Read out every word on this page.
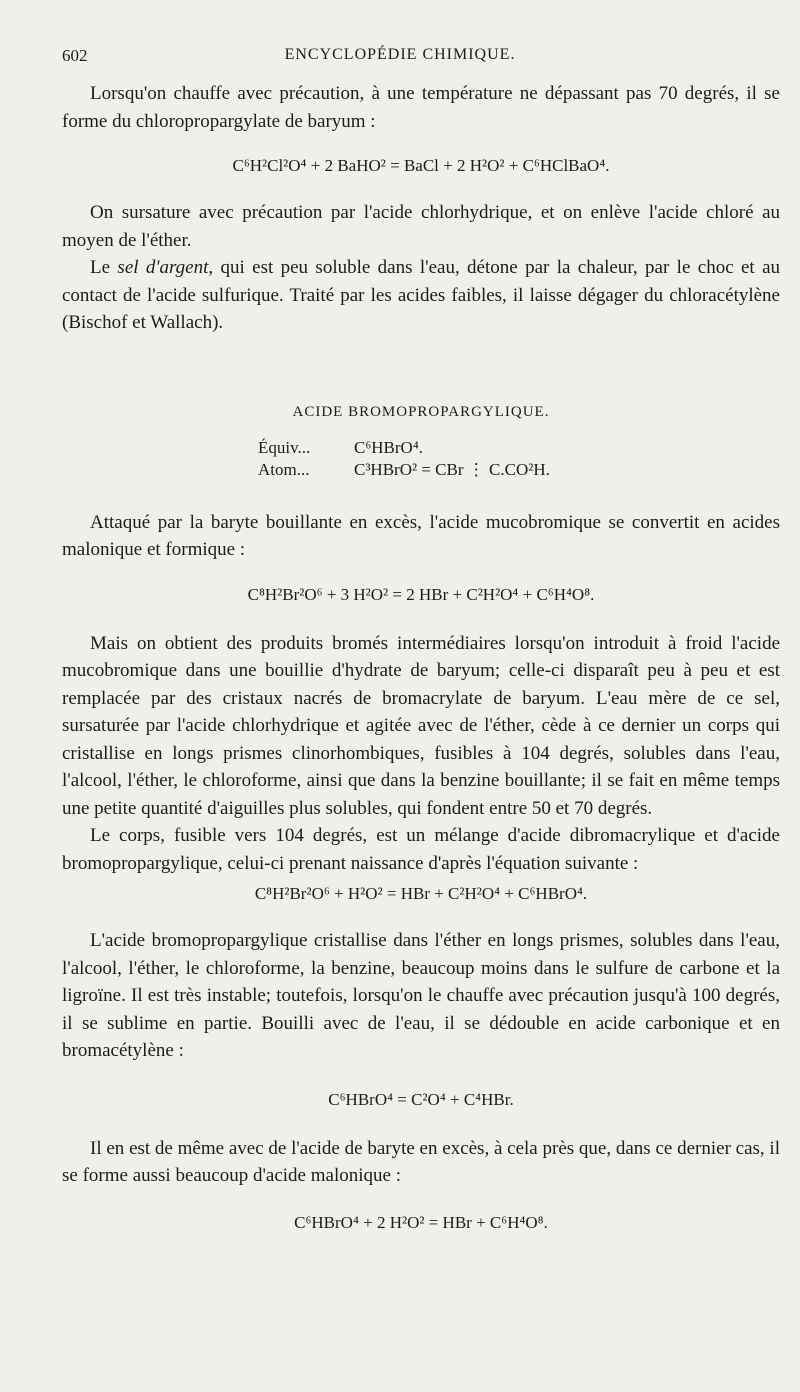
602	ENCYCLOPÉDIE CHIMIQUE.

Lorsqu'on chauffe avec précaution, à une température ne dépassant pas 70 degrés, il se forme du chloropropargylate de baryum :

C⁶H²Cl²O⁴ + 2 BaHO² = BaCl + 2 H²O² + C⁶HClBaO⁴.

On sursature avec précaution par l'acide chlorhydrique, et on enlève l'acide chloré au moyen de l'éther.

Le sel d'argent, qui est peu soluble dans l'eau, détone par la chaleur, par le choc et au contact de l'acide sulfurique. Traité par les acides faibles, il laisse dégager du chloracétylène (Bischof et Wallach).

ACIDE BROMOPROPARGYLIQUE.
Équiv...	C⁶HBrO⁴.
Atom...	C³HBrO² = CBr ⋮ C.CO²H.

Attaqué par la baryte bouillante en excès, l'acide mucobromique se convertit en acides malonique et formique :

C⁸H²Br²O⁶ + 3 H²O² = 2 HBr + C²H²O⁴ + C⁶H⁴O⁸.

Mais on obtient des produits bromés intermédiaires lorsqu'on introduit à froid l'acide mucobromique dans une bouillie d'hydrate de baryum; celle-ci disparaît peu à peu et est remplacée par des cristaux nacrés de bromacrylate de baryum. L'eau mère de ce sel, sursaturée par l'acide chlorhydrique et agitée avec de l'éther, cède à ce dernier un corps qui cristallise en longs prismes clinorhombiques, fusibles à 104 degrés, solubles dans l'eau, l'alcool, l'éther, le chloroforme, ainsi que dans la benzine bouillante; il se fait en même temps une petite quantité d'aiguilles plus solubles, qui fondent entre 50 et 70 degrés.

Le corps, fusible vers 104 degrés, est un mélange d'acide dibromacrylique et d'acide bromopropargylique, celui-ci prenant naissance d'après l'équation suivante :

C⁸H²Br²O⁶ + H²O² = HBr + C²H²O⁴ + C⁶HBrO⁴.

L'acide bromopropargylique cristallise dans l'éther en longs prismes, solubles dans l'eau, l'alcool, l'éther, le chloroforme, la benzine, beaucoup moins dans le sulfure de carbone et la ligroïne. Il est très instable; toutefois, lorsqu'on le chauffe avec précaution jusqu'à 100 degrés, il se sublime en partie. Bouilli avec de l'eau, il se dédouble en acide carbonique et en bromacétylène :

C⁶HBrO⁴ = C²O⁴ + C⁴HBr.

Il en est de même avec de l'acide de baryte en excès, à cela près que, dans ce dernier cas, il se forme aussi beaucoup d'acide malonique :

C⁶HBrO⁴ + 2 H²O² = HBr + C⁶H⁴O⁸.
